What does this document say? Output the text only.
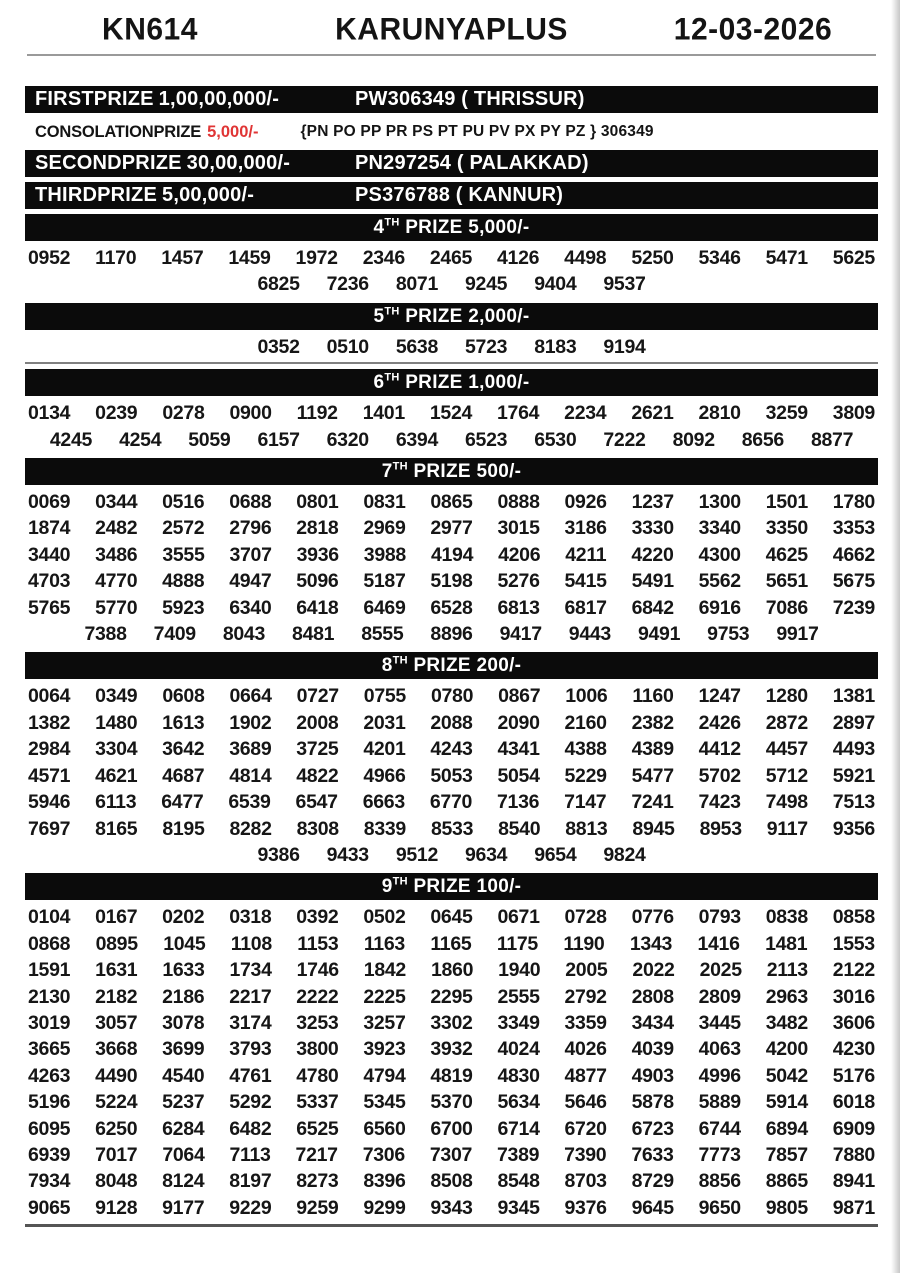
KN614	KARUNYAPLUS	12-03-2026
FIRSTPRIZE 1,00,00,000/-	PW306349 ( THRISSUR)
CONSOLATIONPRIZE 5,000/-	{PN PO PP PR PS PT PU PV PX PY PZ } 306349
SECONDPRIZE 30,00,000/-	PN297254 ( PALAKKAD)
THIRDPRIZE 5,00,000/-	PS376788 ( KANNUR)
4TH PRIZE 5,000/-
0952 1170 1457 1459 1972 2346 2465 4126 4498 5250 5346 5471 5625
6825 7236 8071 9245 9404 9537
5TH PRIZE 2,000/-
0352 0510 5638 5723 8183 9194
6TH PRIZE 1,000/-
0134 0239 0278 0900 1192 1401 1524 1764 2234 2621 2810 3259 3809
4245 4254 5059 6157 6320 6394 6523 6530 7222 8092 8656 8877
7TH PRIZE 500/-
0069 0344 0516 0688 0801 0831 0865 0888 0926 1237 1300 1501 1780
1874 2482 2572 2796 2818 2969 2977 3015 3186 3330 3340 3350 3353
3440 3486 3555 3707 3936 3988 4194 4206 4211 4220 4300 4625 4662
4703 4770 4888 4947 5096 5187 5198 5276 5415 5491 5562 5651 5675
5765 5770 5923 6340 6418 6469 6528 6813 6817 6842 6916 7086 7239
7388 7409 8043 8481 8555 8896 9417 9443 9491 9753 9917
8TH PRIZE 200/-
0064 0349 0608 0664 0727 0755 0780 0867 1006 1160 1247 1280 1381
1382 1480 1613 1902 2008 2031 2088 2090 2160 2382 2426 2872 2897
2984 3304 3642 3689 3725 4201 4243 4341 4388 4389 4412 4457 4493
4571 4621 4687 4814 4822 4966 5053 5054 5229 5477 5702 5712 5921
5946 6113 6477 6539 6547 6663 6770 7136 7147 7241 7423 7498 7513
7697 8165 8195 8282 8308 8339 8533 8540 8813 8945 8953 9117 9356
9386 9433 9512 9634 9654 9824
9TH PRIZE 100/-
0104 0167 0202 0318 0392 0502 0645 0671 0728 0776 0793 0838 0858
0868 0895 1045 1108 1153 1163 1165 1175 1190 1343 1416 1481 1553
1591 1631 1633 1734 1746 1842 1860 1940 2005 2022 2025 2113 2122
2130 2182 2186 2217 2222 2225 2295 2555 2792 2808 2809 2963 3016
3019 3057 3078 3174 3253 3257 3302 3349 3359 3434 3445 3482 3606
3665 3668 3699 3793 3800 3923 3932 4024 4026 4039 4063 4200 4230
4263 4490 4540 4761 4780 4794 4819 4830 4877 4903 4996 5042 5176
5196 5224 5237 5292 5337 5345 5370 5634 5646 5878 5889 5914 6018
6095 6250 6284 6482 6525 6560 6700 6714 6720 6723 6744 6894 6909
6939 7017 7064 7113 7217 7306 7307 7389 7390 7633 7773 7857 7880
7934 8048 8124 8197 8273 8396 8508 8548 8703 8729 8856 8865 8941
9065 9128 9177 9229 9259 9299 9343 9345 9376 9645 9650 9805 9871
